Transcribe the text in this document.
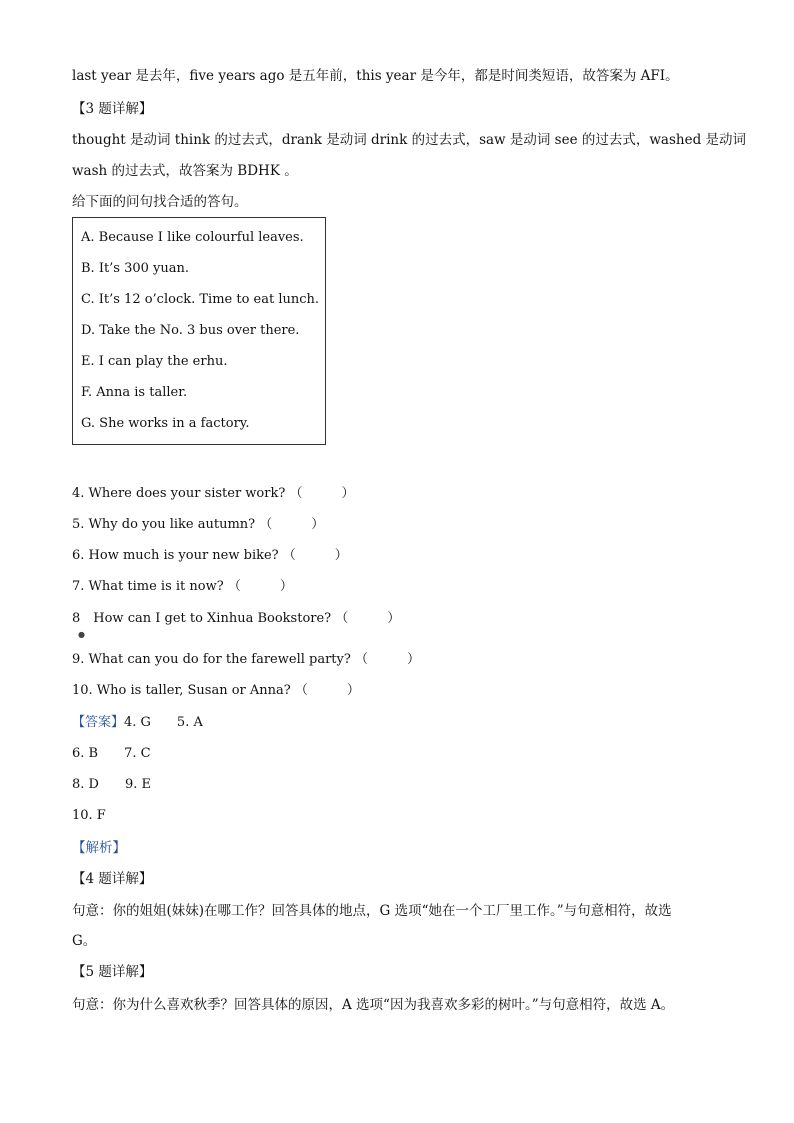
last year 是去年，five years ago 是五年前，this year 是今年，都是时间类短语，故答案为 AFI。
【3 题详解】
thought 是动词 think 的过去式，drank 是动词 drink 的过去式，saw 是动词 see 的过去式，washed 是动词
wash 的过去式，故答案为 BDHK 。
给下面的问句找合适的答句。
A. Because I like colourful leaves.
B. It’s 300 yuan.
C. It’s 12 o’clock. Time to eat lunch.
D. Take the No. 3 bus over there.
E. I can play the erhu.
F. Anna is taller.
G. She works in a factory.
4. Where does your sister work? （　　　）
5. Why do you like autumn? （　　　）
6. How much is your new bike? （　　　）
7. What time is it now? （　　　）
8　How can I get to Xinhua Bookstore? （　　　）
●
9. What can you do for the farewell party? （　　　）
10. Who is taller, Susan or Anna? （　　　）
【答案】4. G　　5. A
6. B　　7. C
8. D　　9. E
10. F
【解析】
【4 题详解】
句意：你的姐姐(妹妹)在哪工作？回答具体的地点，G 选项“她在一个工厂里工作。”与句意相符，故选
G。
【5 题详解】
句意：你为什么喜欢秋季？回答具体的原因，A 选项“因为我喜欢多彩的树叶。”与句意相符，故选 A。
